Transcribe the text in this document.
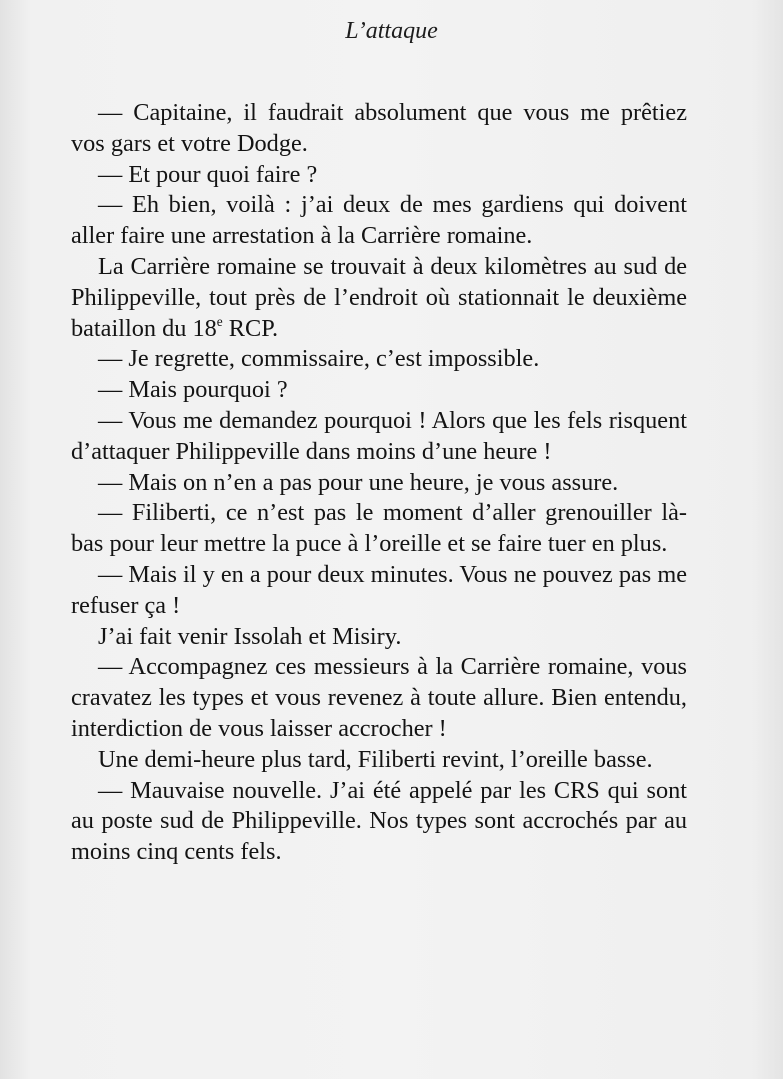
L’attaque

— Capitaine, il faudrait absolument que vous me prêtiez vos gars et votre Dodge.

— Et pour quoi faire ?

— Eh bien, voilà : j’ai deux de mes gardiens qui doivent aller faire une arrestation à la Carrière romaine.

La Carrière romaine se trouvait à deux kilomètres au sud de Philippeville, tout près de l’endroit où stationnait le deuxième bataillon du 18e RCP.

— Je regrette, commissaire, c’est impossible.

— Mais pourquoi ?

— Vous me demandez pourquoi ! Alors que les fels risquent d’attaquer Philippeville dans moins d’une heure !

— Mais on n’en a pas pour une heure, je vous assure.

— Filiberti, ce n’est pas le moment d’aller grenouiller là-bas pour leur mettre la puce à l’oreille et se faire tuer en plus.

— Mais il y en a pour deux minutes. Vous ne pouvez pas me refuser ça !

J’ai fait venir Issolah et Misiry.

— Accompagnez ces messieurs à la Carrière romaine, vous cravatez les types et vous revenez à toute allure. Bien entendu, interdiction de vous laisser accrocher !

Une demi-heure plus tard, Filiberti revint, l’oreille basse.

— Mauvaise nouvelle. J’ai été appelé par les CRS qui sont au poste sud de Philippeville. Nos types sont accrochés par au moins cinq cents fels.
